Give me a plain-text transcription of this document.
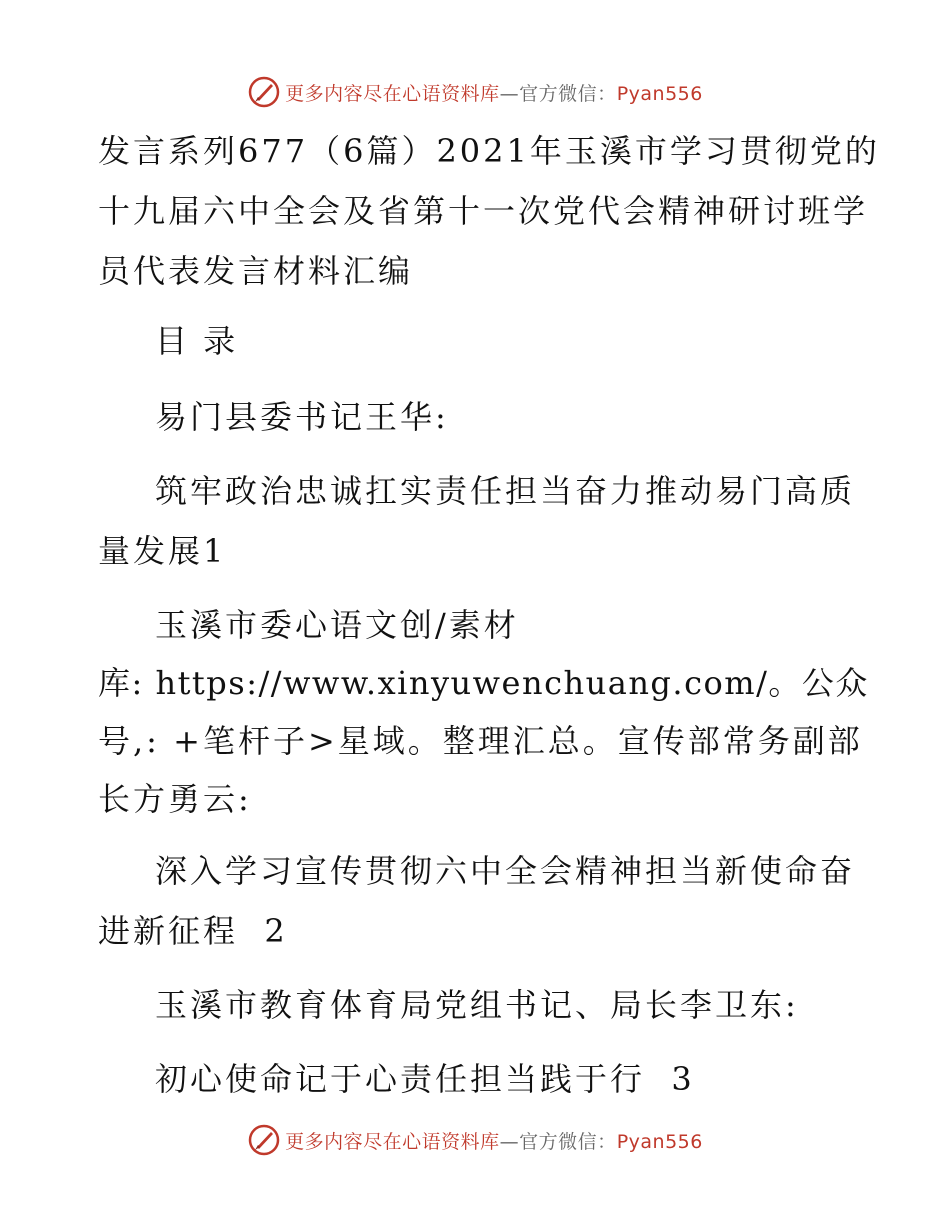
更多内容尽在心语资料库—官方微信：Pyan556
发言系列677（6篇）2021年玉溪市学习贯彻党的
十九届六中全会及省第十一次党代会精神研讨班学
员代表发言材料汇编
目 录
易门县委书记王华:
筑牢政治忠诚扛实责任担当奋力推动易门高质
量发展1
玉溪市委心语文创/素材
库: https://www.xinyuwenchuang.com/。公众
号,: +笔杆子>星域。整理汇总。宣传部常务副部
长方勇云:
深入学习宣传贯彻六中全会精神担当新使命奋
进新征程  2
玉溪市教育体育局党组书记、局长李卫东:
初心使命记于心责任担当践于行  3
更多内容尽在心语资料库—官方微信：Pyan556
